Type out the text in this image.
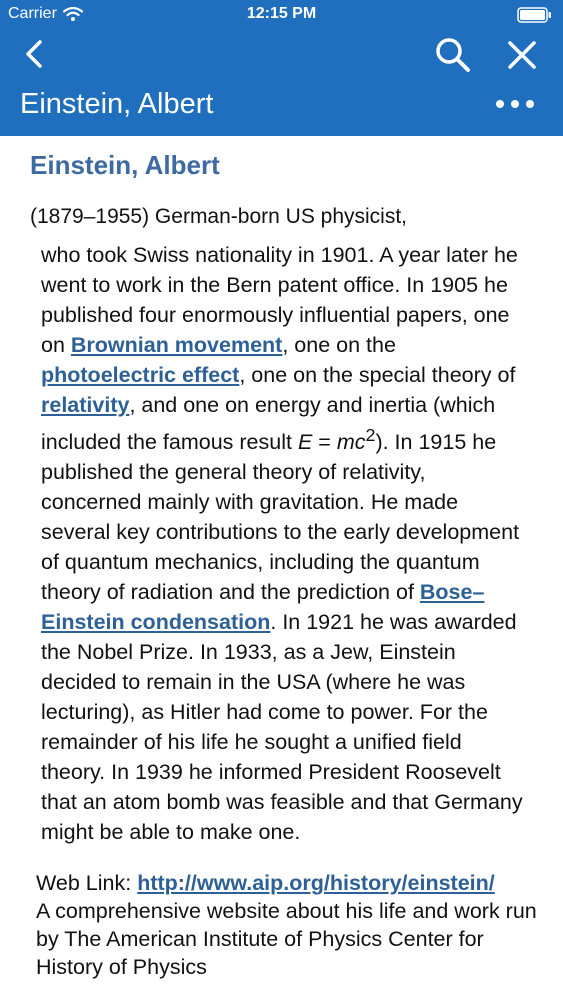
Carrier	12:15 PM
Einstein, Albert
Einstein, Albert
(1879–1955) German-born US physicist,
who took Swiss nationality in 1901. A year later he went to work in the Bern patent office. In 1905 he published four enormously influential papers, one on Brownian movement, one on the photoelectric effect, one on the special theory of relativity, and one on energy and inertia (which included the famous result $E = mc^2$). In 1915 he published the general theory of relativity, concerned mainly with gravitation. He made several key contributions to the early development of quantum mechanics, including the quantum theory of radiation and the prediction of Bose–Einstein condensation. In 1921 he was awarded the Nobel Prize. In 1933, as a Jew, Einstein decided to remain in the USA (where he was lecturing), as Hitler had come to power. For the remainder of his life he sought a unified field theory. In 1939 he informed President Roosevelt that an atom bomb was feasible and that Germany might be able to make one.
Web Link: http://www.aip.org/history/einstein/
A comprehensive website about his life and work run by The American Institute of Physics Center for History of Physics
